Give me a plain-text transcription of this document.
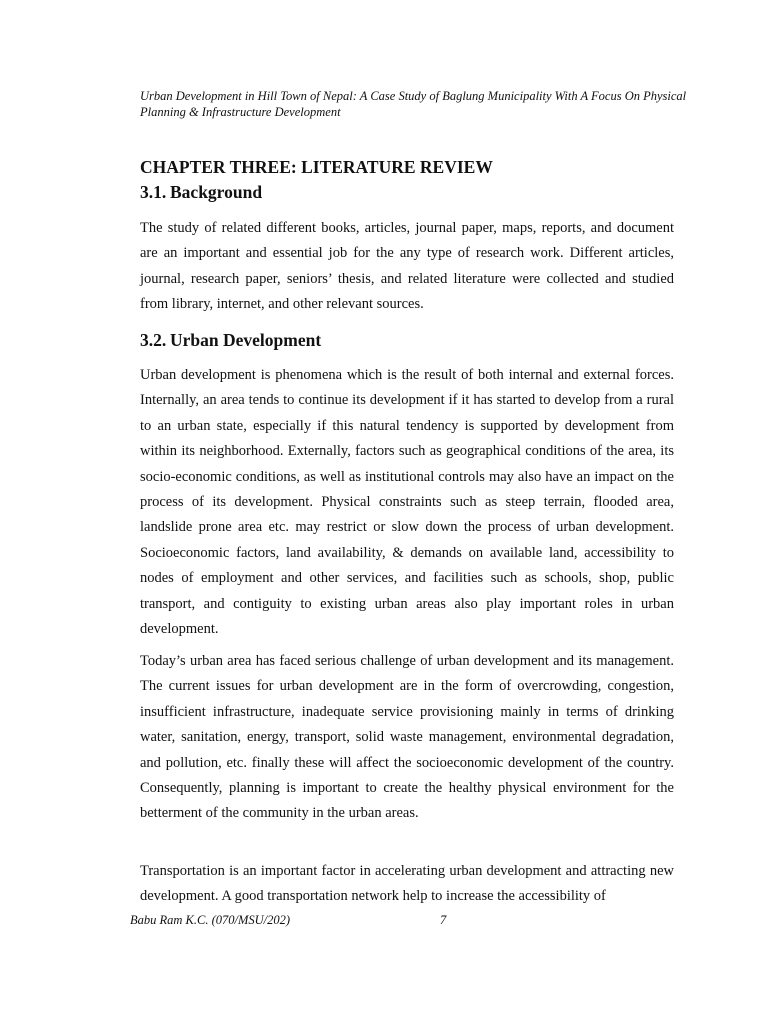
Urban Development in Hill Town of Nepal: A Case Study of Baglung Municipality With A Focus On Physical Planning & Infrastructure Development
CHAPTER THREE: LITERATURE REVIEW
3.1. Background

The study of related different books, articles, journal paper, maps, reports, and document are an important and essential job for the any type of research work. Different articles, journal, research paper, seniors’ thesis, and related literature were collected and studied from library, internet, and other relevant sources.

3.2. Urban Development

Urban development is phenomena which is the result of both internal and external forces. Internally, an area tends to continue its development if it has started to develop from a rural to an urban state, especially if this natural tendency is supported by development from within its neighborhood. Externally, factors such as geographical conditions of the area, its socio-economic conditions, as well as institutional controls may also have an impact on the process of its development. Physical constraints such as steep terrain, flooded area, landslide prone area etc. may restrict or slow down the process of urban development. Socioeconomic factors, land availability, & demands on available land, accessibility to nodes of employment and other services, and facilities such as schools, shop, public transport, and contiguity to existing urban areas also play important roles in urban development.

Today’s urban area has faced serious challenge of urban development and its management. The current issues for urban development are in the form of overcrowding, congestion, insufficient infrastructure, inadequate service provisioning mainly in terms of drinking water, sanitation, energy, transport, solid waste management, environmental degradation, and pollution, etc. finally these will affect the socioeconomic development of the country. Consequently, planning is important to create the healthy physical environment for the betterment of the community in the urban areas.

Transportation is an important factor in accelerating urban development and attracting new development. A good transportation network help to increase the accessibility of

Babu Ram K.C. (070/MSU/202)	7
